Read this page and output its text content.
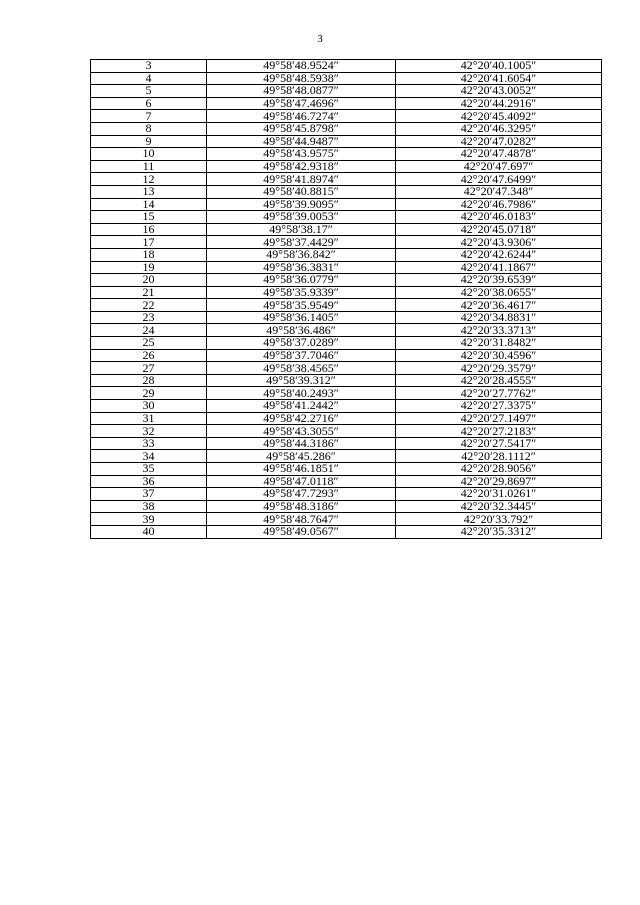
3
3	49°58′48.9524″	42°20′40.1005″
4	49°58′48.5938″	42°20′41.6054″
5	49°58′48.0877″	42°20′43.0052″
6	49°58′47.4696″	42°20′44.2916″
7	49°58′46.7274″	42°20′45.4092″
8	49°58′45.8798″	42°20′46.3295″
9	49°58′44.9487″	42°20′47.0282″
10	49°58′43.9575″	42°20′47.4878″
11	49°58′42.9318″	42°20′47.697″
12	49°58′41.8974″	42°20′47.6499″
13	49°58′40.8815″	42°20′47.348″
14	49°58′39.9095″	42°20′46.7986″
15	49°58′39.0053″	42°20′46.0183″
16	49°58′38.17″	42°20′45.0718″
17	49°58′37.4429″	42°20′43.9306″
18	49°58′36.842″	42°20′42.6244″
19	49°58′36.3831″	42°20′41.1867″
20	49°58′36.0779″	42°20′39.6539″
21	49°58′35.9339″	42°20′38.0655″
22	49°58′35.9549″	42°20′36.4617″
23	49°58′36.1405″	42°20′34.8831″
24	49°58′36.486″	42°20′33.3713″
25	49°58′37.0289″	42°20′31.8482″
26	49°58′37.7046″	42°20′30.4596″
27	49°58′38.4565″	42°20′29.3579″
28	49°58′39.312″	42°20′28.4555″
29	49°58′40.2493″	42°20′27.7762″
30	49°58′41.2442″	42°20′27.3375″
31	49°58′42.2716″	42°20′27.1497″
32	49°58′43.3055″	42°20′27.2183″
33	49°58′44.3186″	42°20′27.5417″
34	49°58′45.286″	42°20′28.1112″
35	49°58′46.1851″	42°20′28.9056″
36	49°58′47.0118″	42°20′29.8697″
37	49°58′47.7293″	42°20′31.0261″
38	49°58′48.3186″	42°20′32.3445″
39	49°58′48.7647″	42°20′33.792″
40	49°58′49.0567″	42°20′35.3312″
